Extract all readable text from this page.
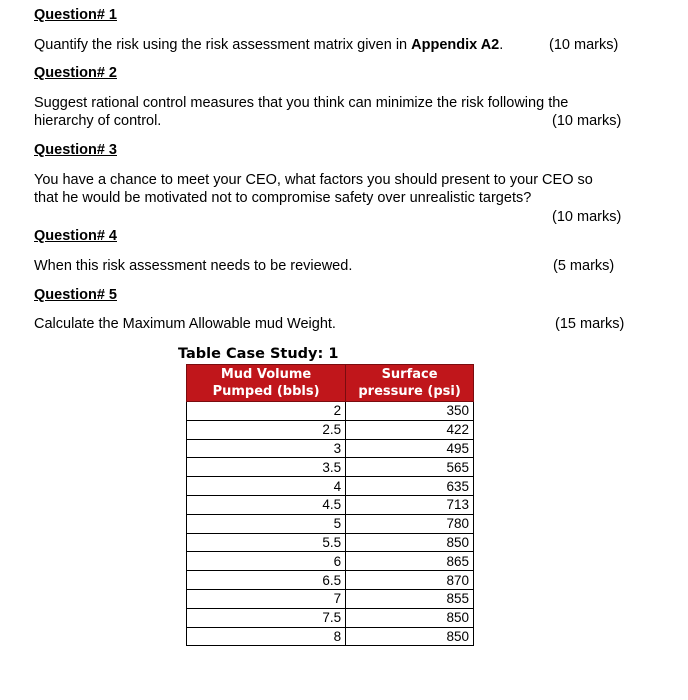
Question# 1
Quantify the risk using the risk assessment matrix given in Appendix A2.	(10 marks)
Question# 2
Suggest rational control measures that you think can minimize the risk following the
hierarchy of control.	(10 marks)
Question# 3
You have a chance to meet your CEO, what factors you should present to your CEO so
that he would be motivated not to compromise safety over unrealistic targets?
(10 marks)
Question# 4
When this risk assessment needs to be reviewed.	(5 marks)
Question# 5
Calculate the Maximum Allowable mud Weight.	(15 marks)
Table Case Study: 1
Mud Volume
Pumped (bbls)	Surface
pressure (psi)
2	350
2.5	422
3	495
3.5	565
4	635
4.5	713
5	780
5.5	850
6	865
6.5	870
7	855
7.5	850
8	850
